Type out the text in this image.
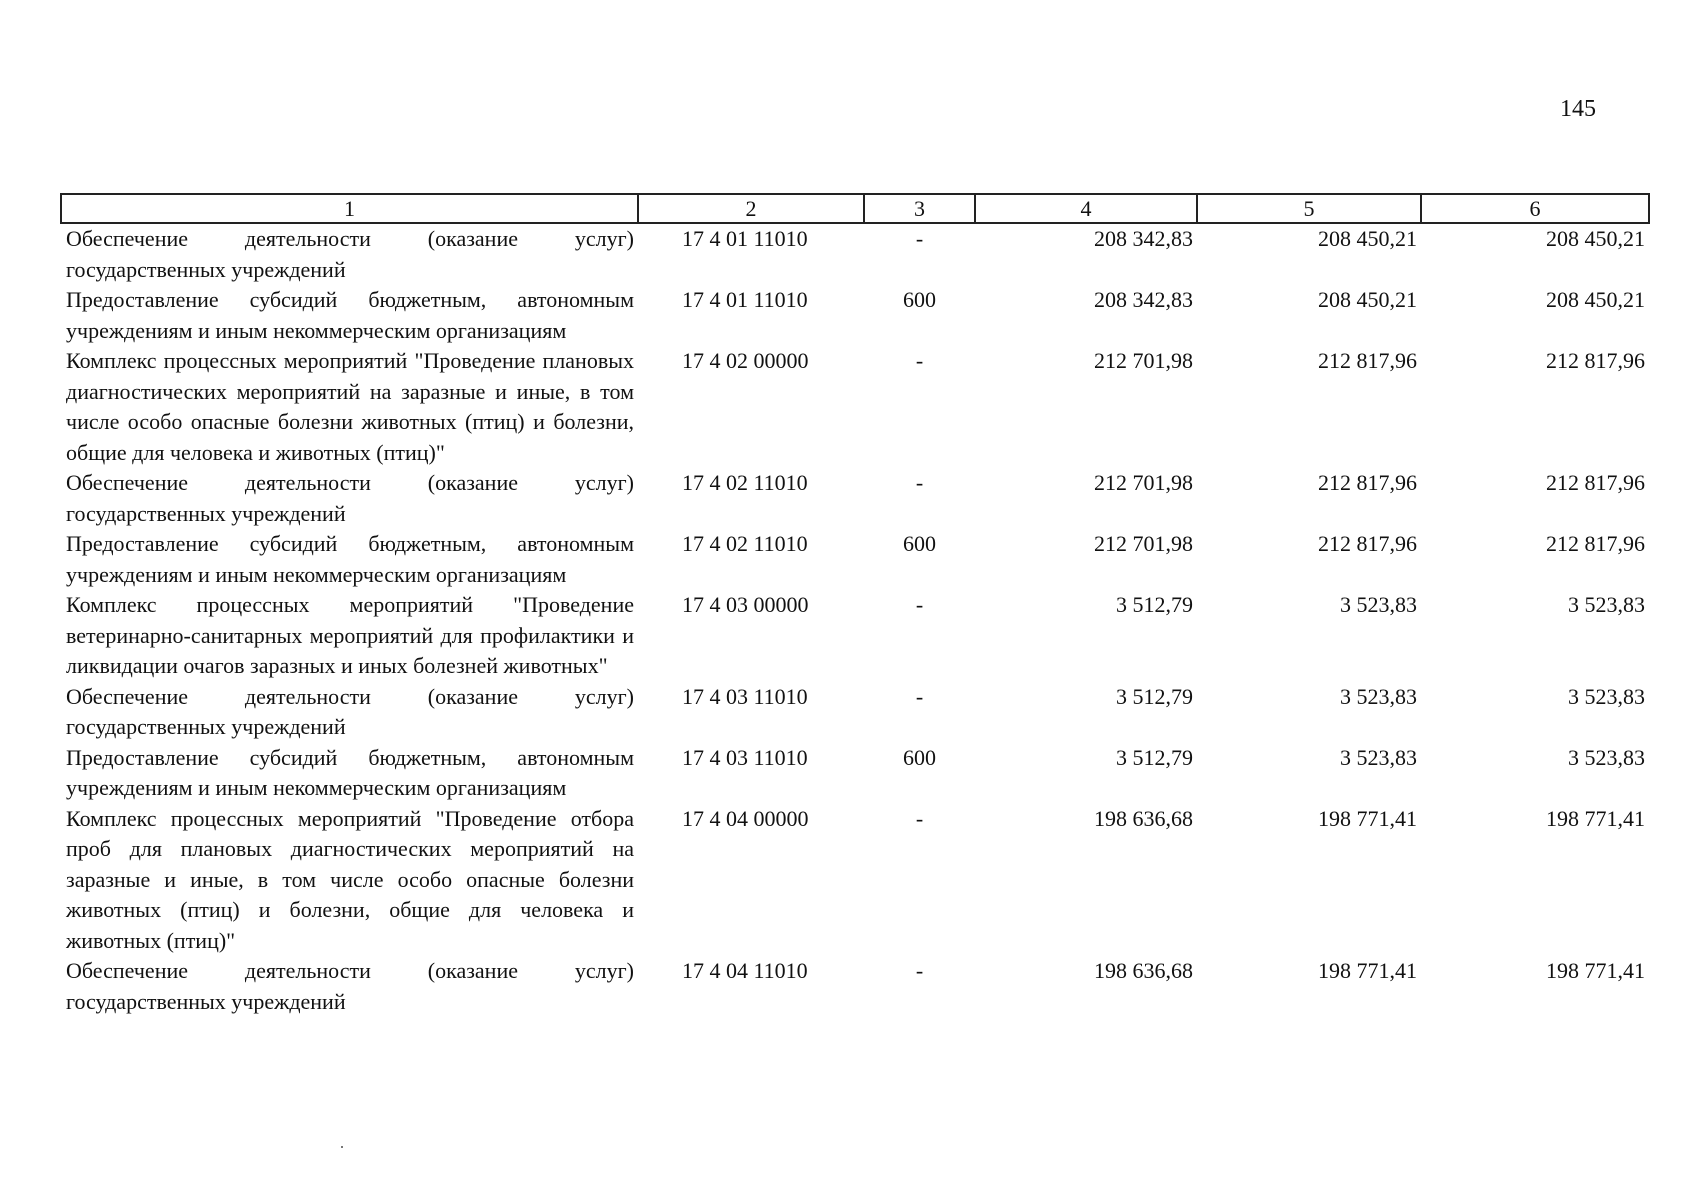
145
1	2	3	4	5	6
Обеспечение деятельности (оказание услуг) государственных учреждений	17 4 01 11010	-	208 342,83	208 450,21	208 450,21
Предоставление субсидий бюджетным, автономным учреждениям и иным некоммерческим организациям	17 4 01 11010	600	208 342,83	208 450,21	208 450,21
Комплекс процессных мероприятий "Проведение плановых диагностических мероприятий на заразные и иные, в том числе особо опасные болезни животных (птиц) и болезни, общие для человека и животных (птиц)"	17 4 02 00000	-	212 701,98	212 817,96	212 817,96
Обеспечение деятельности (оказание услуг) государственных учреждений	17 4 02 11010	-	212 701,98	212 817,96	212 817,96
Предоставление субсидий бюджетным, автономным учреждениям и иным некоммерческим организациям	17 4 02 11010	600	212 701,98	212 817,96	212 817,96
Комплекс процессных мероприятий "Проведение ветеринарно-санитарных мероприятий для профилактики и ликвидации очагов заразных и иных болезней животных"	17 4 03 00000	-	3 512,79	3 523,83	3 523,83
Обеспечение деятельности (оказание услуг) государственных учреждений	17 4 03 11010	-	3 512,79	3 523,83	3 523,83
Предоставление субсидий бюджетным, автономным учреждениям и иным некоммерческим организациям	17 4 03 11010	600	3 512,79	3 523,83	3 523,83
Комплекс процессных мероприятий "Проведение отбора проб для плановых диагностических мероприятий на заразные и иные, в том числе особо опасные болезни животных (птиц) и болезни, общие для человека и животных (птиц)"	17 4 04 00000	-	198 636,68	198 771,41	198 771,41
Обеспечение деятельности (оказание услуг) государственных учреждений	17 4 04 11010	-	198 636,68	198 771,41	198 771,41
